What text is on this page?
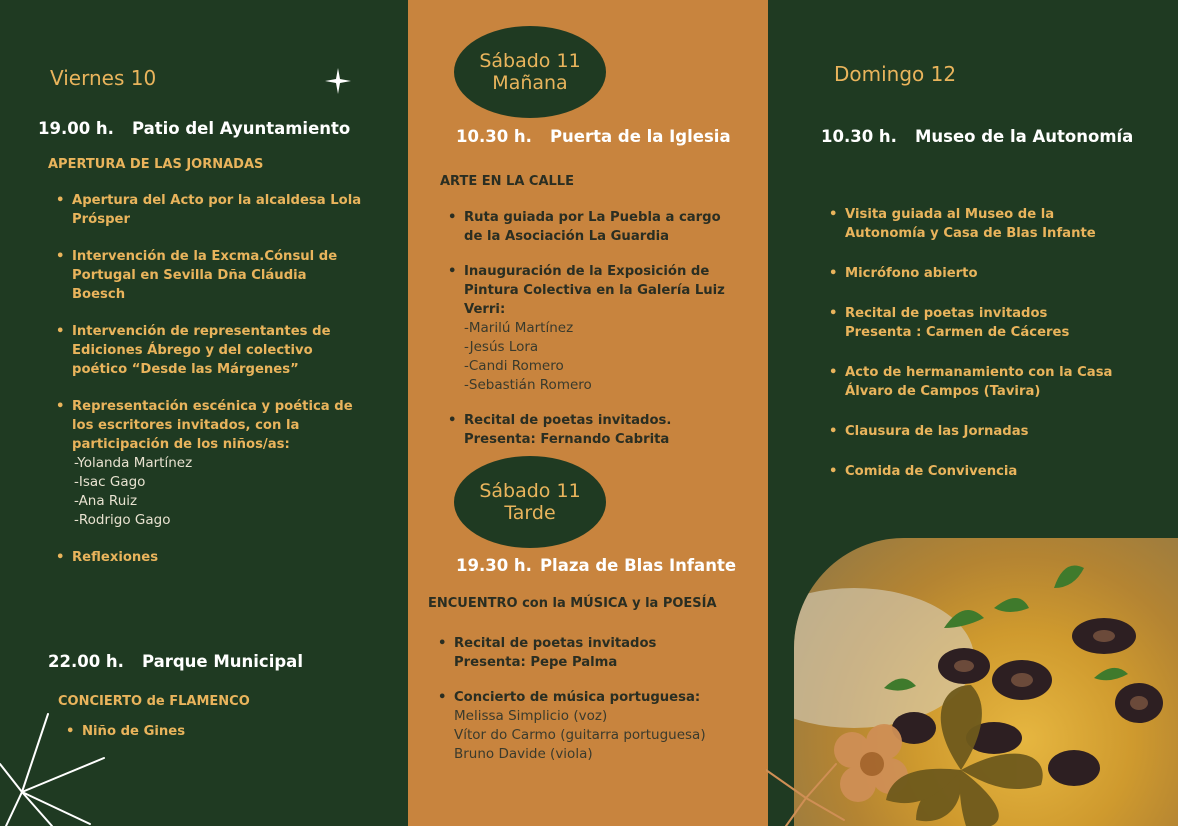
Viernes 10
19.00 h. Patio del Ayuntamiento
APERTURA DE LAS JORNADAS
• Apertura del Acto por la alcaldesa Lola
Prósper
• Intervención de la Excma.Cónsul de
Portugal en Sevilla Dña Cláudia
Boesch
• Intervención de representantes de
Ediciones Ábrego y del colectivo
poético “Desde las Márgenes”
• Representación escénica y poética de
los escritores invitados, con la
participación de los niños/as:
-Yolanda Martínez
-Isac Gago
-Ana Ruiz
-Rodrigo Gago
• Reflexiones
22.00 h. Parque Municipal
CONCIERTO de FLAMENCO
• Niño de Gines
Sábado 11
Mañana
10.30 h. Puerta de la Iglesia
ARTE EN LA CALLE
• Ruta guiada por La Puebla a cargo
de la Asociación La Guardia
• Inauguración de la Exposición de
Pintura Colectiva en la Galería Luiz
Verri:
-Marilú Martínez
-Jesús Lora
-Candi Romero
-Sebastián Romero
• Recital de poetas invitados.
Presenta: Fernando Cabrita
Sábado 11
Tarde
19.30 h. Plaza de Blas Infante
ENCUENTRO con la MÚSICA y la POESÍA
• Recital de poetas invitados
Presenta: Pepe Palma
• Concierto de música portuguesa:
Melissa Simplicio (voz)
Vítor do Carmo (guitarra portuguesa)
Bruno Davide (viola)
Domingo 12
10.30 h. Museo de la Autonomía
• Visita guiada al Museo de la
Autonomía y Casa de Blas Infante
• Micrófono abierto
• Recital de poetas invitados
Presenta : Carmen de Cáceres
• Acto de hermanamiento con la Casa
Álvaro de Campos (Tavira)
• Clausura de las Jornadas
• Comida de Convivencia
